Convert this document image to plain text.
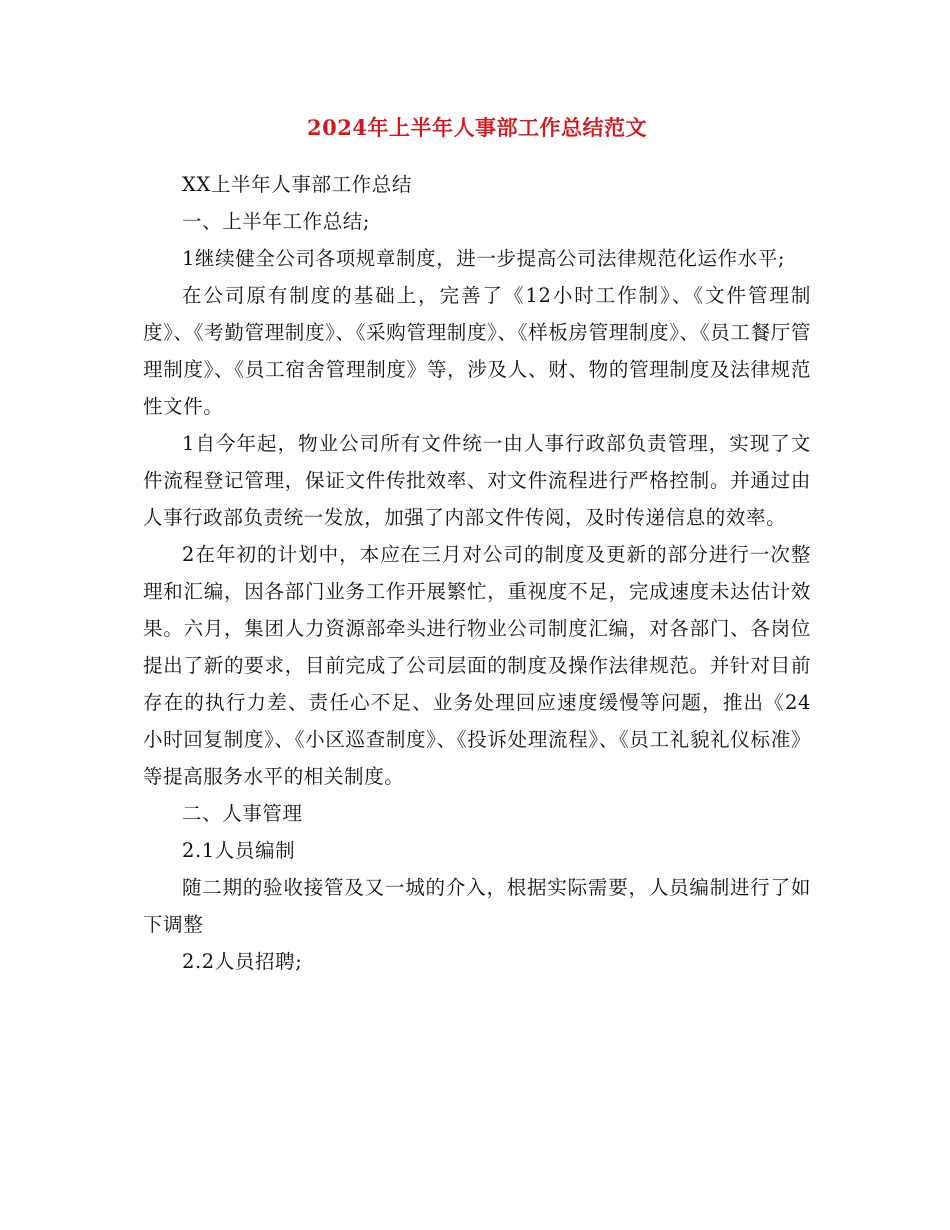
2024年上半年人事部工作总结范文

XX上半年人事部工作总结

一、上半年工作总结;

1继续健全公司各项规章制度，进一步提高公司法律规范化运作水平;

在公司原有制度的基础上，完善了《12小时工作制》、《文件管理制度》、《考勤管理制度》、《采购管理制度》、《样板房管理制度》、《员工餐厅管理制度》、《员工宿舍管理制度》等，涉及人、财、物的管理制度及法律规范性文件。

1自今年起，物业公司所有文件统一由人事行政部负责管理，实现了文件流程登记管理，保证文件传批效率、对文件流程进行严格控制。并通过由人事行政部负责统一发放，加强了内部文件传阅，及时传递信息的效率。

2在年初的计划中，本应在三月对公司的制度及更新的部分进行一次整理和汇编，因各部门业务工作开展繁忙，重视度不足，完成速度未达估计效果。六月，集团人力资源部牵头进行物业公司制度汇编，对各部门、各岗位提出了新的要求，目前完成了公司层面的制度及操作法律规范。并针对目前存在的执行力差、责任心不足、业务处理回应速度缓慢等问题，推出《24小时回复制度》、《小区巡查制度》、《投诉处理流程》、《员工礼貌礼仪标准》等提高服务水平的相关制度。

二、人事管理

2.1人员编制

随二期的验收接管及又一城的介入，根据实际需要，人员编制进行了如下调整

2.2人员招聘;
